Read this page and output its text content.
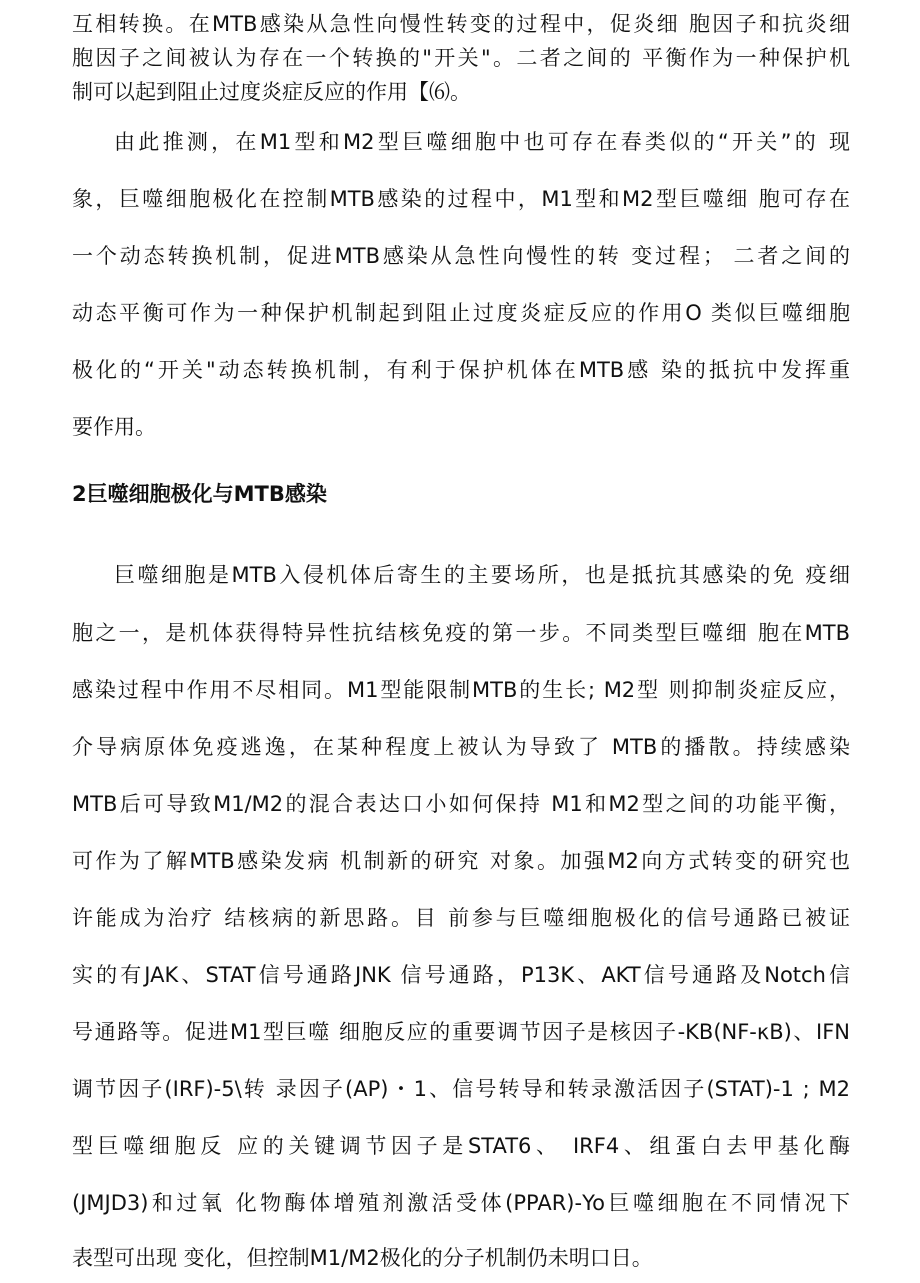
互相转换。在MTB感染从急性向慢性转变的过程中，促炎细 胞因子和抗炎细
胞因子之间被认为存在一个转换的"开关"。二者之间的 平衡作为一种保护机
制可以起到阻止过度炎症反应的作用【⑹。
由此推测，在M1型和M2型巨噬细胞中也可存在春类似的“开关”的 现
象，巨噬细胞极化在控制MTB感染的过程中，M1型和M2型巨噬细 胞可存在
一个动态转换机制，促进MTB感染从急性向慢性的转 变过程； 二者之间的
动态平衡可作为一种保护机制起到阻止过度炎症反应的作用O 类似巨噬细胞
极化的“开关"动态转换机制，有利于保护机体在MTB感 染的抵抗中发挥重
要作用。
2巨噬细胞极化与MTB感染
巨噬细胞是MTB入侵机体后寄生的主要场所，也是抵抗其感染的免 疫细
胞之一，是机体获得特异性抗结核免疫的第一步。不同类型巨噬细 胞在MTB
感染过程中作用不尽相同。M1型能限制MTB的生长; M2型 则抑制炎症反应，
介导病原体免疫逃逸，在某种程度上被认为导致了 MTB的播散。持续感染
MTB后可导致M1/M2的混合表达口小如何保持 M1和M2型之间的功能平衡，
可作为了解MTB感染发病 机制新的研究 对象。加强M2向方式转变的研究也
许能成为治疗 结核病的新思路。目 前参与巨噬细胞极化的信号通路已被证
实的有JAK、STAT信号通路JNK 信号通路，P13K、AKT信号通路及Notch信
号通路等。促进M1型巨噬 细胞反应的重要调节因子是核因子-KB(NF-κB)、IFN
调节因子(IRF)-5\转 录因子(AP)・1、信号转导和转录激活因子(STAT)-1 ; M2
型巨噬细胞反 应的关键调节因子是STAT6、 IRF4、组蛋白去甲基化酶
(JMJD3)和过氧 化物酶体增殖剂激活受体(PPAR)-Yo巨噬细胞在不同情况下
表型可出现 变化，但控制M1/M2极化的分子机制仍未明口日。
